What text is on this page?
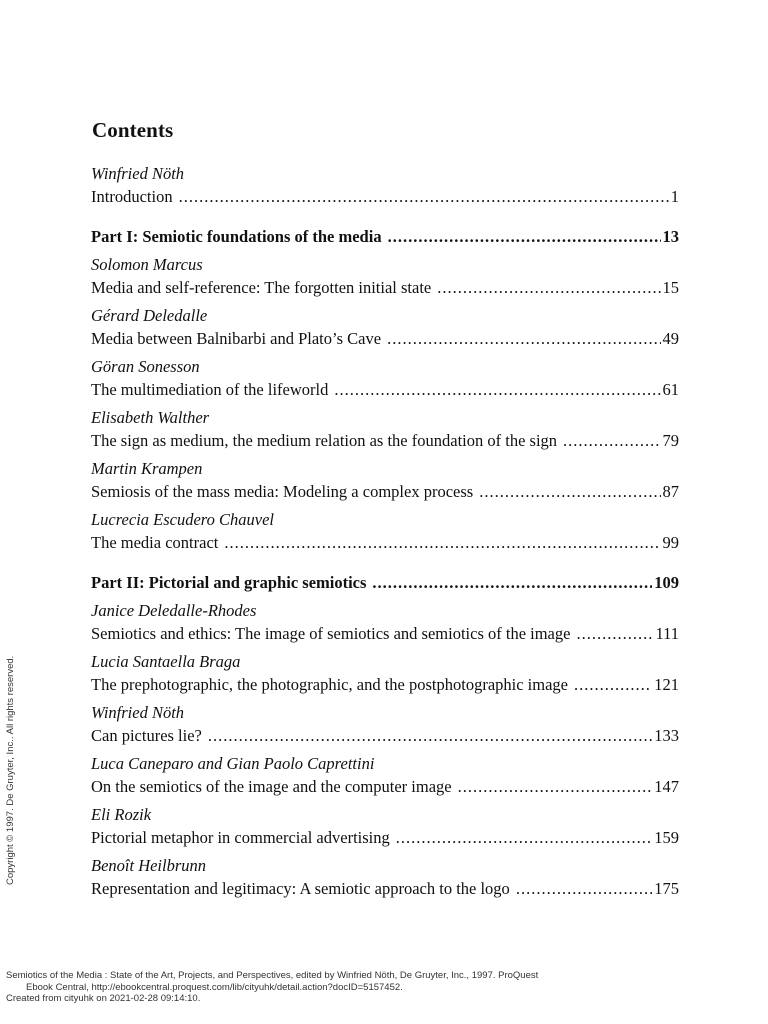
Contents
Winfried Nöth
Introduction .....	1
Part I: Semiotic foundations of the media .....	13
Solomon Marcus
Media and self-reference: The forgotten initial state .....	15
Gérard Deledalle
Media between Balnibarbi and Plato’s Cave .....	49
Göran Sonesson
The multimediation of the lifeworld .....	61
Elisabeth Walther
The sign as medium, the medium relation as the foundation of the sign .....	79
Martin Krampen
Semiosis of the mass media: Modeling a complex process .....	87
Lucrecia Escudero Chauvel
The media contract .....	99
Part II: Pictorial and graphic semiotics .....	109
Janice Deledalle-Rhodes
Semiotics and ethics: The image of semiotics and semiotics of the image .....	111
Lucia Santaella Braga
The prephotographic, the photographic, and the postphotographic image .....	121
Winfried Nöth
Can pictures lie? .....	133
Luca Caneparo and Gian Paolo Caprettini
On the semiotics of the image and the computer image .....	147
Eli Rozik
Pictorial metaphor in commercial advertising .....	159
Benoît Heilbrunn
Representation and legitimacy: A semiotic approach to the logo .....	175
Copyright © 1997. De Gruyter, Inc.. All rights reserved.
Semiotics of the Media : State of the Art, Projects, and Perspectives, edited by Winfried Nöth, De Gruyter, Inc., 1997. ProQuest
Ebook Central, http://ebookcentral.proquest.com/lib/cityuhk/detail.action?docID=5157452.
Created from cityuhk on 2021-02-28 09:14:10.
